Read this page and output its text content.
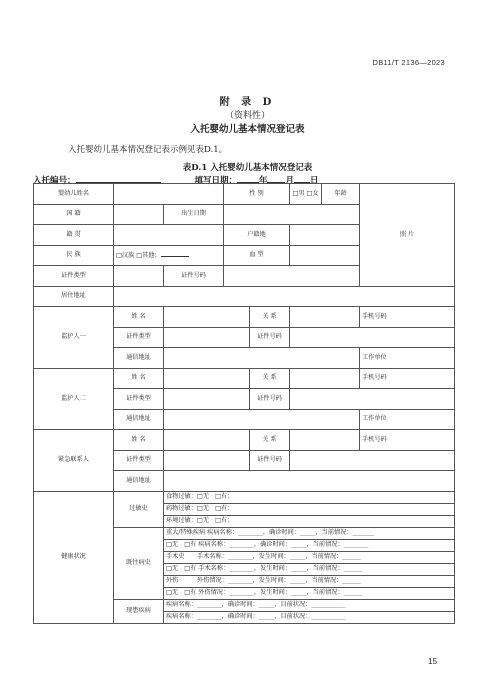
DB11/T 2136—2023
附 录 D
（资料性）
入托婴幼儿基本情况登记表
入托婴幼儿基本情况登记表示例见表D.1。
表D.1 入托婴幼儿基本情况登记表
入托编号：	填写日期：	年 月 日
婴幼儿姓名			性 别		□男 □女	年龄	照 片
国 籍		出生日期					
籍 贯			户籍地				
民 族	□汉族 □其他：		血 型				
证件类型		证件号码					
居住地址							
监护人一	姓 名			关 系			手机号码
	证件类型			证件号码			
	通信地址						工作单位
监护人二	姓 名			关 系			手机号码
	证件类型			证件号码			
	通信地址						工作单位
紧急联系人	姓 名			关 系			手机号码
	证件类型			证件号码			
	通信地址						
健康状况	过敏史	食物过敏：□无　□有：					
		药物过敏：□无　□有：					
		环境过敏：□无　□有：					
	既往病史	重大/特殊疾病 疾病名称：________，确诊时间：_____，当前情况：_______					
		□无　□有 疾病名称：________，确诊时间：_____，当前情况：________					
		手术史　　手术名称：________，发生时间：_____，当前情况：______					
		□无　□有 手术名称：________，发生时间：_____，当前情况：______					
		外伤　　　外伤情况：________，发生时间：_____，当前情况：______					
		□无　□有 外伤情况：________，发生时间：_____，当前情况：______					
	现患疾病	疾病名称：________，确诊时间：_____，目前状况：___________					
		疾病名称：________，确诊时间：_____，目前状况：___________					
15
